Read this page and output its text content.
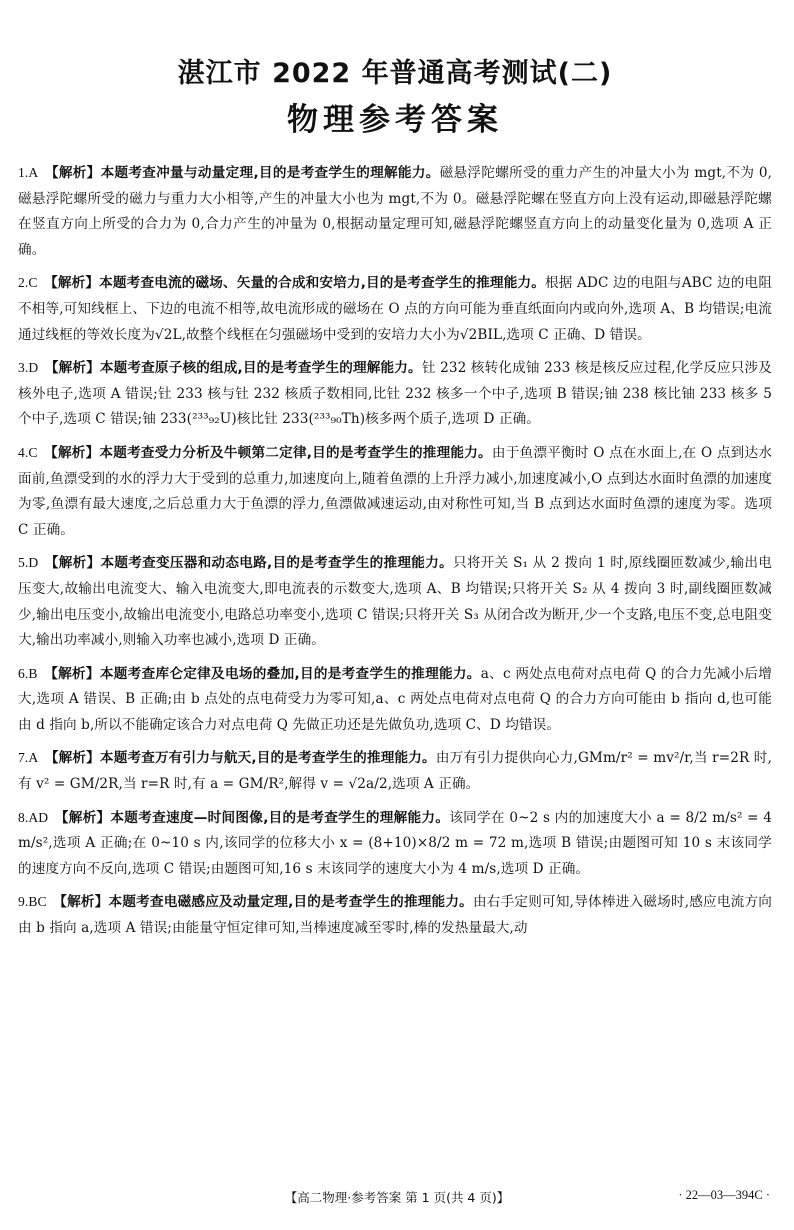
湛江市 2022 年普通高考测试(二)
物理参考答案

1.A 【解析】本题考查冲量与动量定理,目的是考查学生的理解能力。磁悬浮陀螺所受的重力产生的冲量大小为 mgt,不为 0,磁悬浮陀螺所受的磁力与重力大小相等,产生的冲量大小也为 mgt,不为 0。磁悬浮陀螺在竖直方向上没有运动,即磁悬浮陀螺在竖直方向上所受的合力为 0,合力产生的冲量为 0,根据动量定理可知,磁悬浮陀螺竖直方向上的动量变化量为 0,选项 A 正确。

2.C 【解析】本题考查电流的磁场、矢量的合成和安培力,目的是考查学生的推理能力。根据 ADC 边的电阻与ABC 边的电阻不相等,可知线框上、下边的电流不相等,故电流形成的磁场在 O 点的方向可能为垂直纸面向内或向外,选项 A、B 均错误;电流通过线框的等效长度为√2L,故整个线框在匀强磁场中受到的安培力大小为√2BIL,选项 C 正确、D 错误。

3.D 【解析】本题考查原子核的组成,目的是考查学生的理解能力。钍 232 核转化成铀 233 核是核反应过程,化学反应只涉及核外电子,选项 A 错误;钍 233 核与钍 232 核质子数相同,比钍 232 核多一个中子,选项 B 错误;铀 238 核比铀 233 核多 5 个中子,选项 C 错误;铀 233(²³³₉₂U)核比钍 233(²³³₉₀Th)核多两个质子,选项 D 正确。

4.C 【解析】本题考查受力分析及牛顿第二定律,目的是考查学生的推理能力。由于鱼漂平衡时 O 点在水面上,在 O 点到达水面前,鱼漂受到的水的浮力大于受到的总重力,加速度向上,随着鱼漂的上升浮力减小,加速度减小,O 点到达水面时鱼漂的加速度为零,鱼漂有最大速度,之后总重力大于鱼漂的浮力,鱼漂做减速运动,由对称性可知,当 B 点到达水面时鱼漂的速度为零。选项 C 正确。

5.D 【解析】本题考查变压器和动态电路,目的是考查学生的推理能力。只将开关 S₁ 从 2 拨向 1 时,原线圈匝数减少,输出电压变大,故输出电流变大、输入电流变大,即电流表的示数变大,选项 A、B 均错误;只将开关 S₂ 从 4 拨向 3 时,副线圈匝数减少,输出电压变小,故输出电流变小,电路总功率变小,选项 C 错误;只将开关 S₃ 从闭合改为断开,少一个支路,电压不变,总电阻变大,输出功率减小,则输入功率也减小,选项 D 正确。

6.B 【解析】本题考查库仑定律及电场的叠加,目的是考查学生的推理能力。a、c 两处点电荷对点电荷 Q 的合力先减小后增大,选项 A 错误、B 正确;由 b 点处的点电荷受力为零可知,a、c 两处点电荷对点电荷 Q 的合力方向可能由 b 指向 d,也可能由 d 指向 b,所以不能确定该合力对点电荷 Q 先做正功还是先做负功,选项 C、D 均错误。

7.A 【解析】本题考查万有引力与航天,目的是考查学生的推理能力。由万有引力提供向心力,GMm/r² = mv²/r,当 r=2R 时,有 v² = GM/2R,当 r=R 时,有 a = GM/R²,解得 v = √2a/2,选项 A 正确。

8.AD 【解析】本题考查速度—时间图像,目的是考查学生的理解能力。该同学在 0~2 s 内的加速度大小 a = 8/2 m/s² = 4 m/s²,选项 A 正确;在 0~10 s 内,该同学的位移大小 x = (8+10)×8/2 m = 72 m,选项 B 错误;由题图可知 10 s 末该同学的速度方向不反向,选项 C 错误;由题图可知,16 s 末该同学的速度大小为 4 m/s,选项 D 正确。

9.BC 【解析】本题考查电磁感应及动量定理,目的是考查学生的推理能力。由右手定则可知,导体棒进入磁场时,感应电流方向由 b 指向 a,选项 A 错误;由能量守恒定律可知,当棒速度减至零时,棒的发热量最大,动

【高二物理·参考答案 第 1 页(共 4 页)】	· 22—03—394C ·
